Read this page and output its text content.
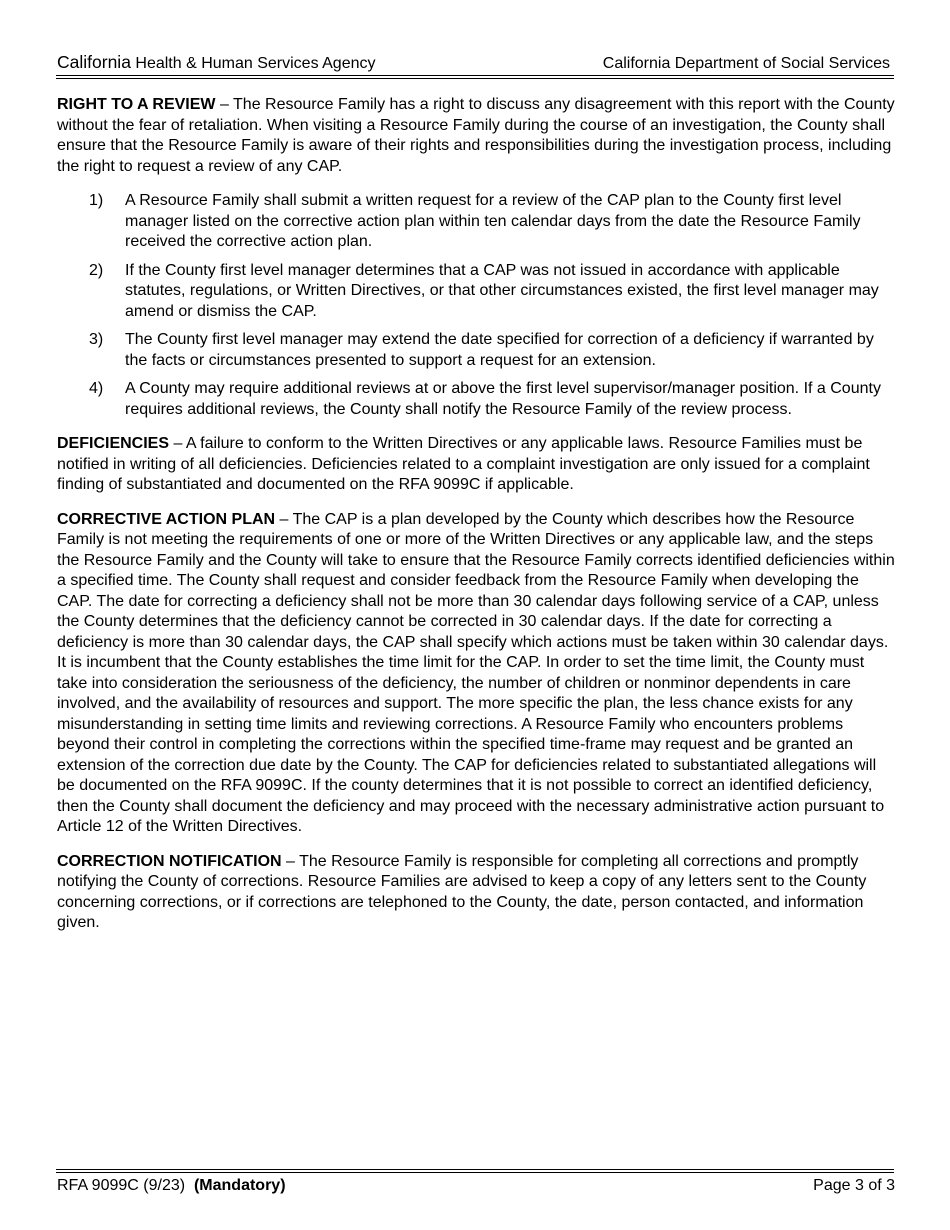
California Health & Human Services Agency	California Department of Social Services

RIGHT TO A REVIEW – The Resource Family has a right to discuss any disagreement with this report with the County without the fear of retaliation. When visiting a Resource Family during the course of an investigation, the County shall ensure that the Resource Family is aware of their rights and responsibilities during the investigation process, including the right to request a review of any CAP.

1)	A Resource Family shall submit a written request for a review of the CAP plan to the County first level manager listed on the corrective action plan within ten calendar days from the date the Resource Family received the corrective action plan.
2)	If the County first level manager determines that a CAP was not issued in accordance with applicable statutes, regulations, or Written Directives, or that other circumstances existed, the first level manager may amend or dismiss the CAP.
3)	The County first level manager may extend the date specified for correction of a deficiency if warranted by the facts or circumstances presented to support a request for an extension.
4)	A County may require additional reviews at or above the first level supervisor/manager position. If a County requires additional reviews, the County shall notify the Resource Family of the review process.

DEFICIENCIES – A failure to conform to the Written Directives or any applicable laws. Resource Families must be notified in writing of all deficiencies. Deficiencies related to a complaint investigation are only issued for a complaint finding of substantiated and documented on the RFA 9099C if applicable.

CORRECTIVE ACTION PLAN – The CAP is a plan developed by the County which describes how the Resource Family is not meeting the requirements of one or more of the Written Directives or any applicable law, and the steps the Resource Family and the County will take to ensure that the Resource Family corrects identified deficiencies within a specified time. The County shall request and consider feedback from the Resource Family when developing the CAP. The date for correcting a deficiency shall not be more than 30 calendar days following service of a CAP, unless the County determines that the deficiency cannot be corrected in 30 calendar days. If the date for correcting a deficiency is more than 30 calendar days, the CAP shall specify which actions must be taken within 30 calendar days. It is incumbent that the County establishes the time limit for the CAP. In order to set the time limit, the County must take into consideration the seriousness of the deficiency, the number of children or nonminor dependents in care involved, and the availability of resources and support. The more specific the plan, the less chance exists for any misunderstanding in setting time limits and reviewing corrections. A Resource Family who encounters problems beyond their control in completing the corrections within the specified time-frame may request and be granted an extension of the correction due date by the County. The CAP for deficiencies related to substantiated allegations will be documented on the RFA 9099C. If the county determines that it is not possible to correct an identified deficiency, then the County shall document the deficiency and may proceed with the necessary administrative action pursuant to Article 12 of the Written Directives.

CORRECTION NOTIFICATION – The Resource Family is responsible for completing all corrections and promptly notifying the County of corrections. Resource Families are advised to keep a copy of any letters sent to the County concerning corrections, or if corrections are telephoned to the County, the date, person contacted, and information given.

RFA 9099C (9/23)  (Mandatory)	Page 3 of 3
